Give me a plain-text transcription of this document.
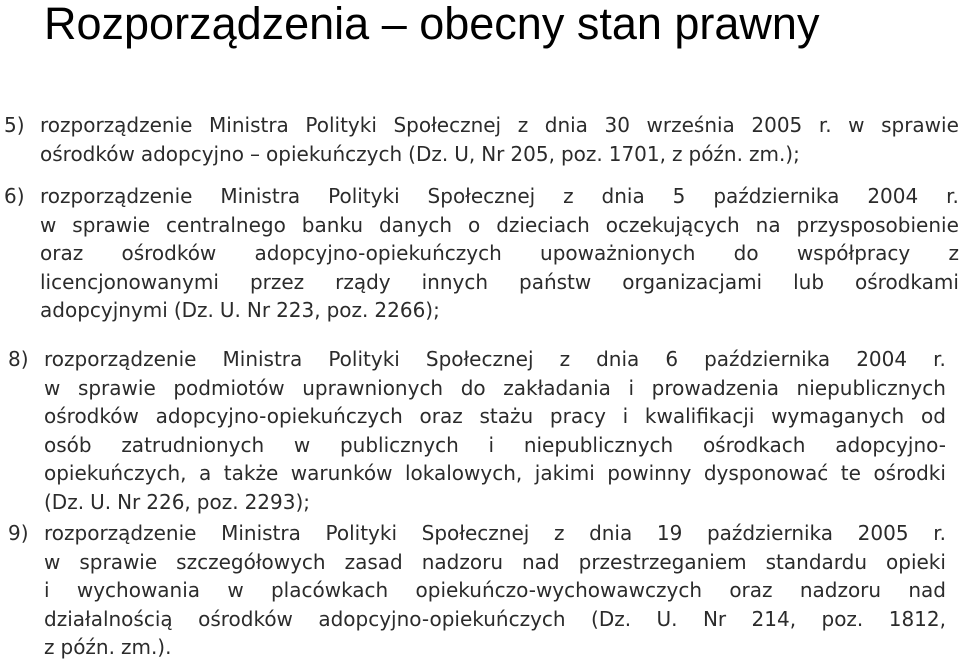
Rozporządzenia – obecny stan prawny
5) rozporządzenie Ministra Polityki Społecznej z dnia 30 września 2005 r. w sprawie
ośrodków adopcyjno – opiekuńczych (Dz. U, Nr 205, poz. 1701, z późn. zm.);
6) rozporządzenie Ministra Polityki Społecznej z dnia 5 października 2004 r.
w sprawie centralnego banku danych o dzieciach oczekujących na przysposobienie
oraz ośrodków adopcyjno-opiekuńczych upoważnionych do współpracy z
licencjonowanymi przez rządy innych państw organizacjami lub ośrodkami
adopcyjnymi (Dz. U. Nr 223, poz. 2266);
8) rozporządzenie Ministra Polityki Społecznej z dnia 6 października 2004 r.
w sprawie podmiotów uprawnionych do zakładania i prowadzenia niepublicznych
ośrodków adopcyjno-opiekuńczych oraz stażu pracy i kwalifikacji wymaganych od
osób zatrudnionych w publicznych i niepublicznych ośrodkach adopcyjno-
opiekuńczych, a także warunków lokalowych, jakimi powinny dysponować te ośrodki
(Dz. U. Nr 226, poz. 2293);
9) rozporządzenie Ministra Polityki Społecznej z dnia 19 października 2005 r.
w sprawie szczegółowych zasad nadzoru nad przestrzeganiem standardu opieki
i wychowania w placówkach opiekuńczo-wychowawczych oraz nadzoru nad
działalnością ośrodków adopcyjno-opiekuńczych (Dz. U. Nr 214, poz. 1812,
z późn. zm.).
